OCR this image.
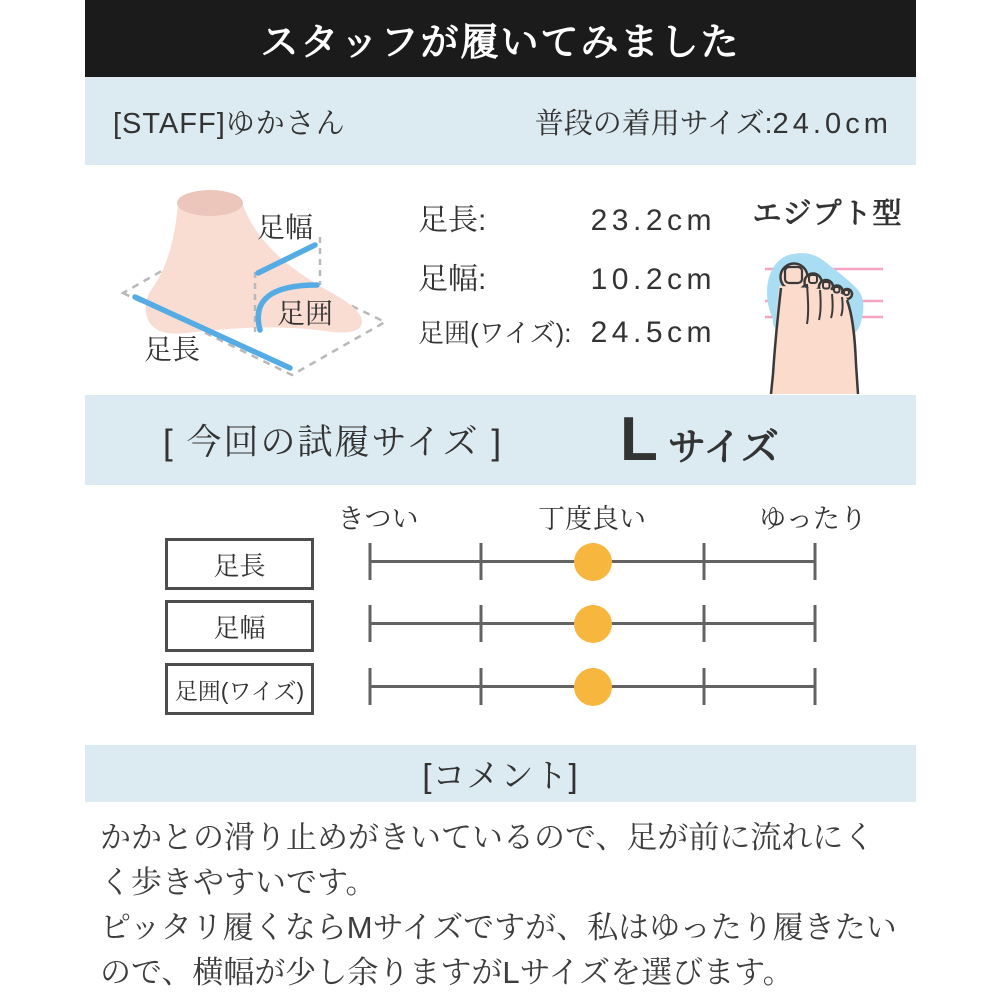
スタッフが履いてみました
[STAFF]ゆかさん	普段の着用サイズ:24.0cm
足幅
足囲
足長
足長:	23.2cm
足幅:	10.2cm
足囲(ワイズ): 24.5cm
エジプト型
[ 今回の試履サイズ ] L サイズ
きつい	丁度良い	ゆったり
足長
足幅
足囲(ワイズ)
[コメント]
かかとの滑り止めがきいているので、足が前に流れにく
く歩きやすいです。
ピッタリ履くならMサイズですが、私はゆったり履きたい
ので、横幅が少し余りますがLサイズを選びます。
